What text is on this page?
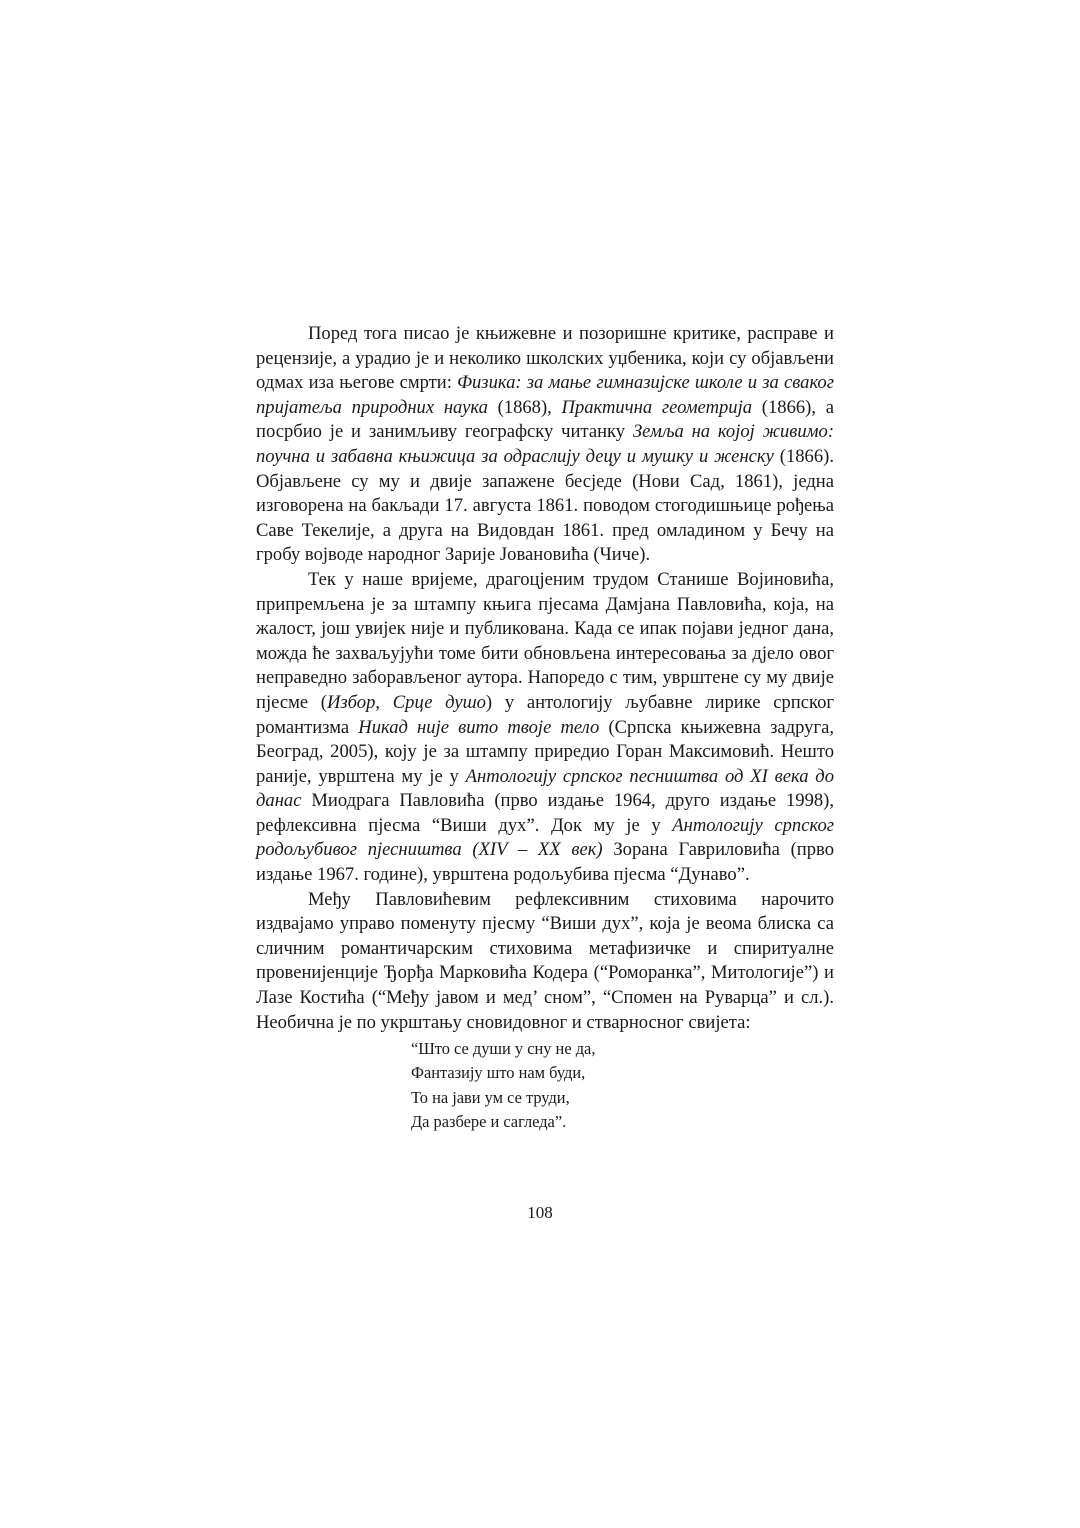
Поред тога писао је књижевне и позоришне критике, расправе и рецензије, а урадио је и неколико школских уџбеника, који су објављени одмах иза његове смрти: Физика: за мање гимназијске школе и за сваког пријатеља природних наука (1868), Практична геометрија (1866), а посрбио је и занимљиву географску читанку Земља на којој живимо: поучна и забавна књижица за одраслију децу и мушку и женску (1866). Објављене су му и двије запажене бесједе (Нови Сад, 1861), једна изговорена на бакљади 17. августа 1861. поводом стогодишњице рођења Саве Текелије, а друга на Видовдан 1861. пред омладином у Бечу на гробу војводе народног Зарије Јовановића (Чиче).

Тек у наше вријеме, драгоцјеним трудом Станише Војиновића, припремљена је за штампу књига пјесама Дамјана Павловића, која, на жалост, још увијек није и публикована. Када се ипак појави једног дана, можда ће захваљујући томе бити обновљена интересовања за дјело овог неправедно заборављеног аутора. Напоредо с тим, уврштене су му двије пјесме (Избор, Срце душо) у антологију љубавне лирике српског романтизма Никад није вито твоје тело (Српска књижевна задруга, Београд, 2005), коју је за штампу приредио Горан Максимовић. Нешто раније, уврштена му је у Антологију српског песништва од XI века до данас Миодрага Павловића (прво издање 1964, друго издање 1998), рефлексивна пјесма “Виши дух”. Док му је у Антологију српског родољубивог пјесништва (XIV – XX век) Зорана Гавриловића (прво издање 1967. године), уврштена родољубива пјесма “Дунаво”.

Међу Павловићевим рефлексивним стиховима нарочито издвајамо управо поменуту пјесму “Виши дух”, која је веома блиска са сличним романтичарским стиховима метафизичке и спиритуалне провенијенције Ђорђа Марковића Кодера (“Роморанка”, Митологије”) и Лазе Костића (“Међу јавом и мед’ сном”, “Спомен на Руварца” и сл.). Необична је по укрштању сновидовног и стварносног свијета:

“Што се души у сну не да,
Фантазију што нам буди,
То на јави ум се труди,
Да разбере и сагледа”.
108
